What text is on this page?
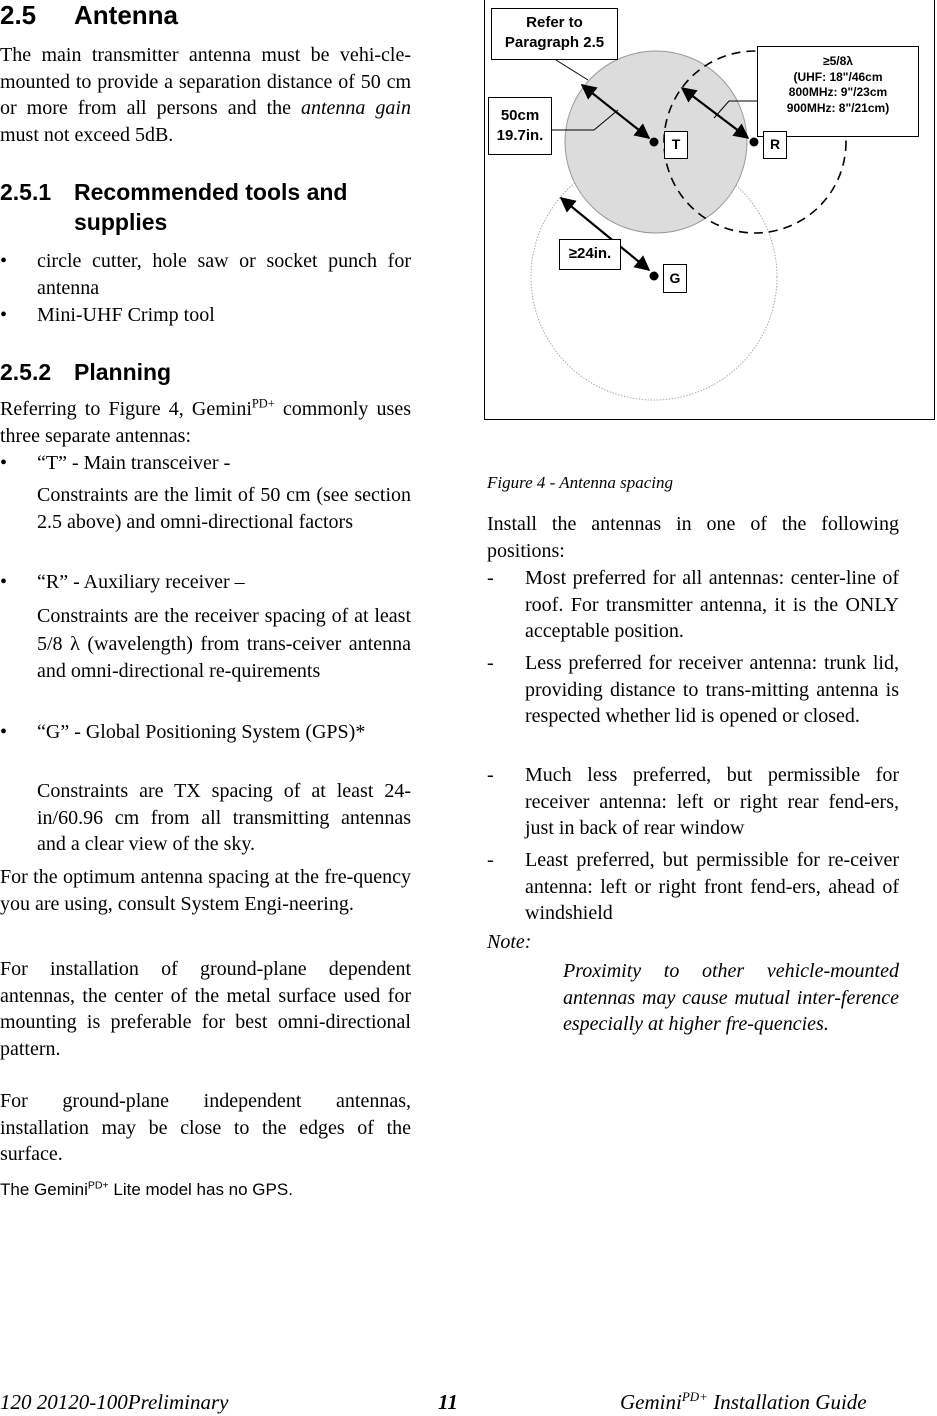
2.5 Antenna
The main transmitter antenna must be vehi-cle-mounted to provide a separation distance of 50 cm or more from all persons and the antenna gain must not exceed 5dB.
2.5.1 Recommended tools and supplies
• circle cutter, hole saw or socket punch for antenna
• Mini-UHF Crimp tool
2.5.2 Planning
Referring to Figure 4, Gemini$^{PD+}$ commonly uses three separate antennas:
• “T” - Main transceiver -
Constraints are the limit of 50 cm (see section 2.5 above) and omni-directional factors
• “R” - Auxiliary receiver –
Constraints are the receiver spacing of at least 5/8 λ (wavelength) from trans-ceiver antenna and omni-directional re-quirements
• “G” - Global Positioning System (GPS)*
Constraints are TX spacing of at least 24-in/60.96 cm from all transmitting antennas and a clear view of the sky.
For the optimum antenna spacing at the fre-quency you are using, consult System Engi-neering.
For installation of ground-plane dependent antennas, the center of the metal surface used for mounting is preferable for best omni-directional pattern.
For ground-plane independent antennas, installation may be close to the edges of the surface.
The Gemini$^{PD+}$ Lite model has no GPS.
Refer to
Paragraph 2.5
50cm
19.7in.
≥5/8λ
(UHF: 18"/46cm
800MHz: 9"/23cm
900MHz: 8"/21cm)
≥24in.
T	R
G
Figure 4 - Antenna spacing
Install the antennas in one of the following positions:
- Most preferred for all antennas: center-line of roof. For transmitter antenna, it is the ONLY acceptable position.
- Less preferred for receiver antenna: trunk lid, providing distance to trans-mitting antenna is respected whether lid is opened or closed.
- Much less preferred, but permissible for receiver antenna: left or right rear fend-ers, just in back of rear window
- Least preferred, but permissible for re-ceiver antenna: left or right front fend-ers, ahead of windshield
Note:
Proximity to other vehicle-mounted antennas may cause mutual inter-ference especially at higher fre-quencies.
120 20120-100Preliminary	11	Gemini$^{PD+}$ Installation Guide
